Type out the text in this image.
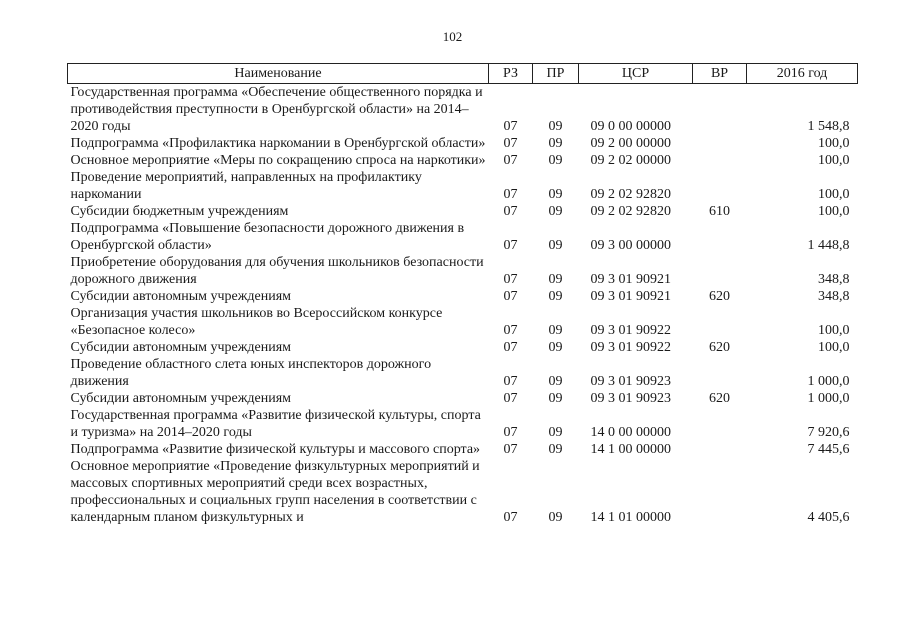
102
Наименование	РЗ	ПР	ЦСР	ВР	2016 год
Государственная программа «Обеспечение общественного порядка и противодействия преступности в Оренбургской области» на 2014–2020 годы	07	09	09 0 00 00000		1 548,8
Подпрограмма «Профилактика наркомании в Оренбургской области»	07	09	09 2 00 00000		100,0
Основное мероприятие «Меры по сокращению спроса на наркотики»	07	09	09 2 02 00000		100,0
Проведение мероприятий, направленных на профилактику наркомании	07	09	09 2 02 92820		100,0
Субсидии бюджетным учреждениям	07	09	09 2 02 92820	610	100,0
Подпрограмма «Повышение безопасности дорожного движения в Оренбургской области»	07	09	09 3 00 00000		1 448,8
Приобретение оборудования для обучения школьников безопасности дорожного движения	07	09	09 3 01 90921		348,8
Субсидии автономным учреждениям	07	09	09 3 01 90921	620	348,8
Организация участия школьников во Всероссийском конкурсе «Безопасное колесо»	07	09	09 3 01 90922		100,0
Субсидии автономным учреждениям	07	09	09 3 01 90922	620	100,0
Проведение областного слета юных инспекторов дорожного движения	07	09	09 3 01 90923		1 000,0
Субсидии автономным учреждениям	07	09	09 3 01 90923	620	1 000,0
Государственная программа «Развитие физической культуры, спорта и туризма» на 2014–2020 годы	07	09	14 0 00 00000		7 920,6
Подпрограмма «Развитие физической культуры и массового спорта»	07	09	14 1 00 00000		7 445,6
Основное мероприятие «Проведение физкультурных мероприятий и массовых спортивных мероприятий среди всех возрастных, профессиональных и социальных групп населения в соответствии с календарным планом физкультурных и	07	09	14 1 01 00000		4 405,6
